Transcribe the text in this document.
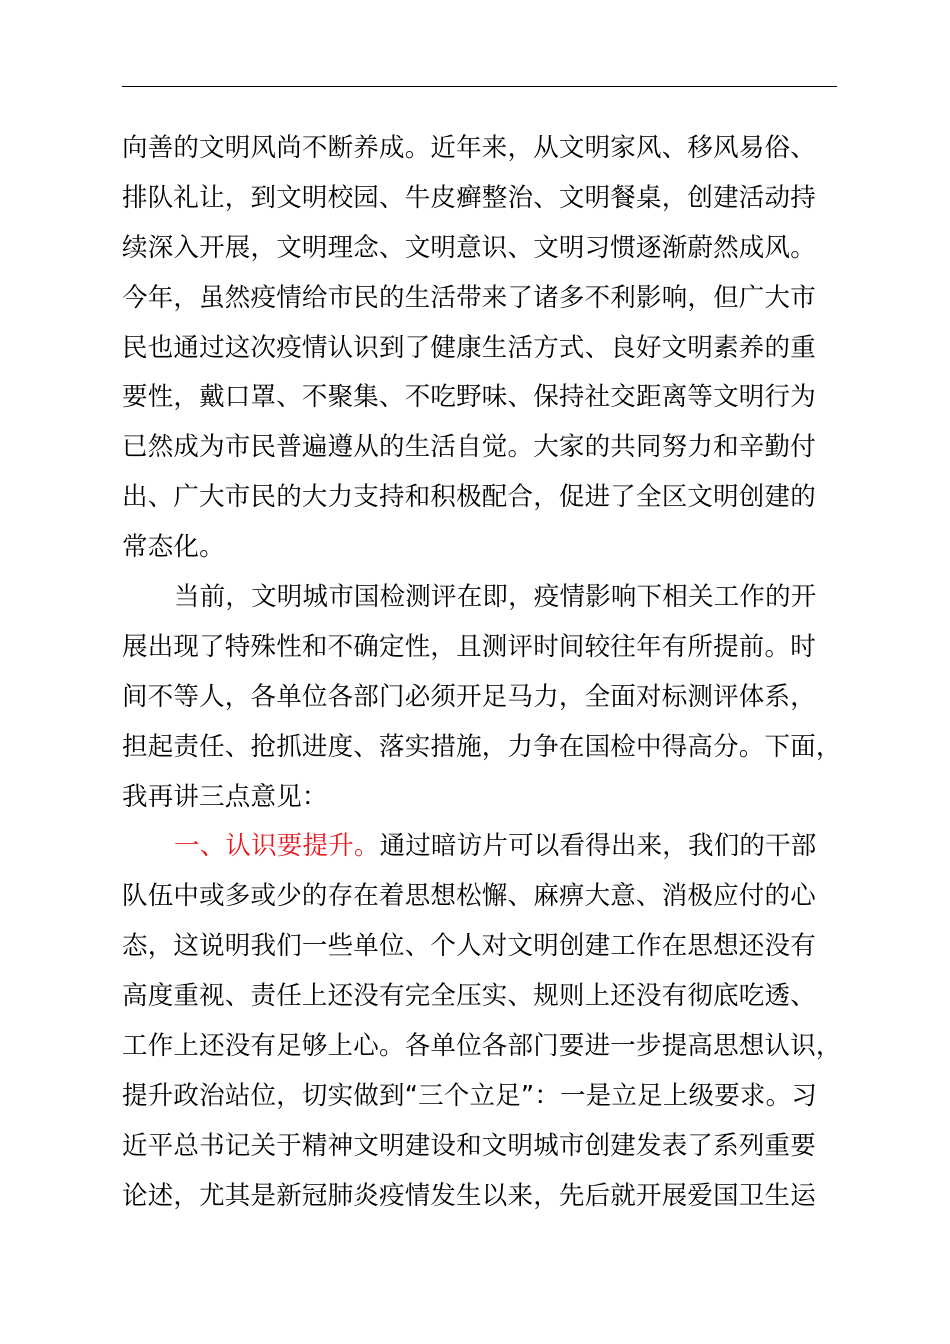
向善的文明风尚不断养成。近年来，从文明家风、移风易俗、
排队礼让，到文明校园、牛皮癣整治、文明餐桌，创建活动持
续深入开展，文明理念、文明意识、文明习惯逐渐蔚然成风。
今年，虽然疫情给市民的生活带来了诸多不利影响，但广大市
民也通过这次疫情认识到了健康生活方式、良好文明素养的重
要性，戴口罩、不聚集、不吃野味、保持社交距离等文明行为
已然成为市民普遍遵从的生活自觉。大家的共同努力和辛勤付
出、广大市民的大力支持和积极配合，促进了全区文明创建的
常态化。
当前，文明城市国检测评在即，疫情影响下相关工作的开
展出现了特殊性和不确定性，且测评时间较往年有所提前。时
间不等人，各单位各部门必须开足马力，全面对标测评体系，
担起责任、抢抓进度、落实措施，力争在国检中得高分。下面，
我再讲三点意见：
一、认识要提升。通过暗访片可以看得出来，我们的干部
队伍中或多或少的存在着思想松懈、麻痹大意、消极应付的心
态，这说明我们一些单位、个人对文明创建工作在思想还没有
高度重视、责任上还没有完全压实、规则上还没有彻底吃透、
工作上还没有足够上心。各单位各部门要进一步提高思想认识，
提升政治站位，切实做到“三个立足”：一是立足上级要求。习
近平总书记关于精神文明建设和文明城市创建发表了系列重要
论述，尤其是新冠肺炎疫情发生以来，先后就开展爱国卫生运
